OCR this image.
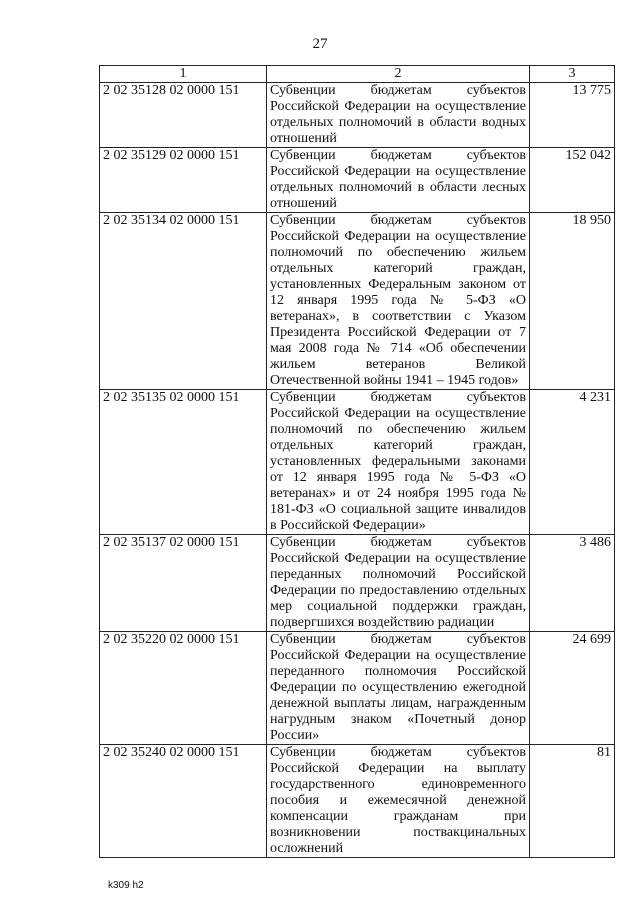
27
1	2	3
2 02 35128 02 0000 151	Субвенции бюджетам субъектов Российской Федерации на осуществление отдельных полномочий в области водных отношений	13 775
2 02 35129 02 0000 151	Субвенции бюджетам субъектов Российской Федерации на осуществление отдельных полномочий в области лесных отношений	152 042
2 02 35134 02 0000 151	Субвенции бюджетам субъектов Российской Федерации на осуществление полномочий по обеспечению жильем отдельных категорий граждан, установленных Федеральным законом от 12 января 1995 года № 5-ФЗ «О ветеранах», в соответствии с Указом Президента Российской Федерации от 7 мая 2008 года № 714 «Об обеспечении жильем ветеранов Великой Отечественной войны 1941 – 1945 годов»	18 950
2 02 35135 02 0000 151	Субвенции бюджетам субъектов Российской Федерации на осуществление полномочий по обеспечению жильем отдельных категорий граждан, установленных федеральными законами от 12 января 1995 года № 5-ФЗ «О ветеранах» и от 24 ноября 1995 года № 181-ФЗ «О социальной защите инвалидов в Российской Федерации»	4 231
2 02 35137 02 0000 151	Субвенции бюджетам субъектов Российской Федерации на осуществление переданных полномочий Российской Федерации по предоставлению отдельных мер социальной поддержки граждан, подвергшихся воздействию радиации	3 486
2 02 35220 02 0000 151	Субвенции бюджетам субъектов Российской Федерации на осуществление переданного полномочия Российской Федерации по осуществлению ежегодной денежной выплаты лицам, награжденным нагрудным знаком «Почетный донор России»	24 699
2 02 35240 02 0000 151	Субвенции бюджетам субъектов Российской Федерации на выплату государственного единовременного пособия и ежемесячной денежной компенсации гражданам при возникновении поствакцинальных осложнений	81
k309 h2
